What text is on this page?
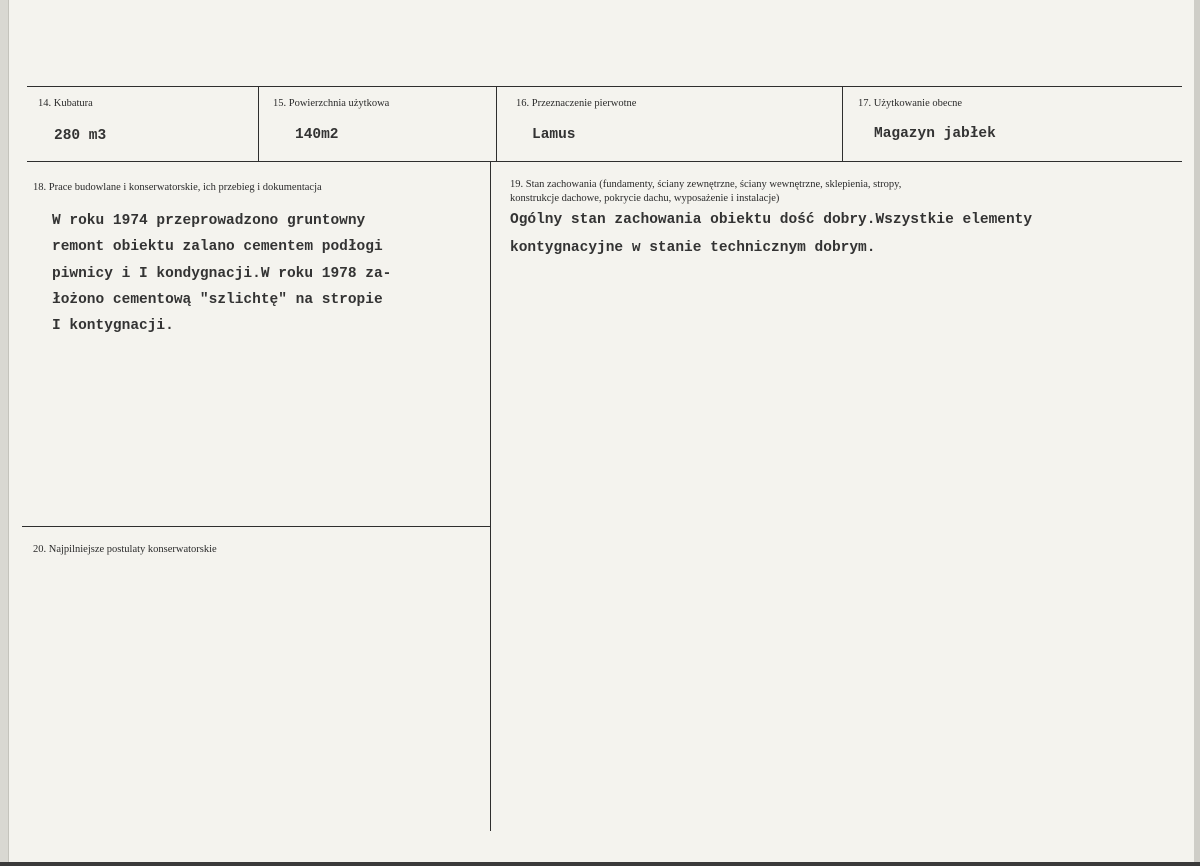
14. Kubatura
280 m3
15. Powierzchnia użytkowa
140m2
16. Przeznaczenie pierwotne
Lamus
17. Użytkowanie obecne
Magazyn jabłek
18. Prace budowlane i konserwatorskie, ich przebieg i dokumentacja
W roku 1974 przeprowadzono gruntowny
remont obiektu zalano cementem podłogi
piwnicy i I kondygnacji.W roku 1978 za-
łożono cementową "szlichtę" na stropie
I kontygnacji.
19. Stan zachowania (fundamenty, ściany zewnętrzne, ściany wewnętrzne, sklepienia, stropy,
konstrukcje dachowe, pokrycie dachu, wyposażenie i instalacje)
Ogólny stan zachowania obiektu dość dobry.Wszystkie elementy
kontygnacyjne w stanie technicznym dobrym.
20. Najpilniejsze postulaty konserwatorskie
